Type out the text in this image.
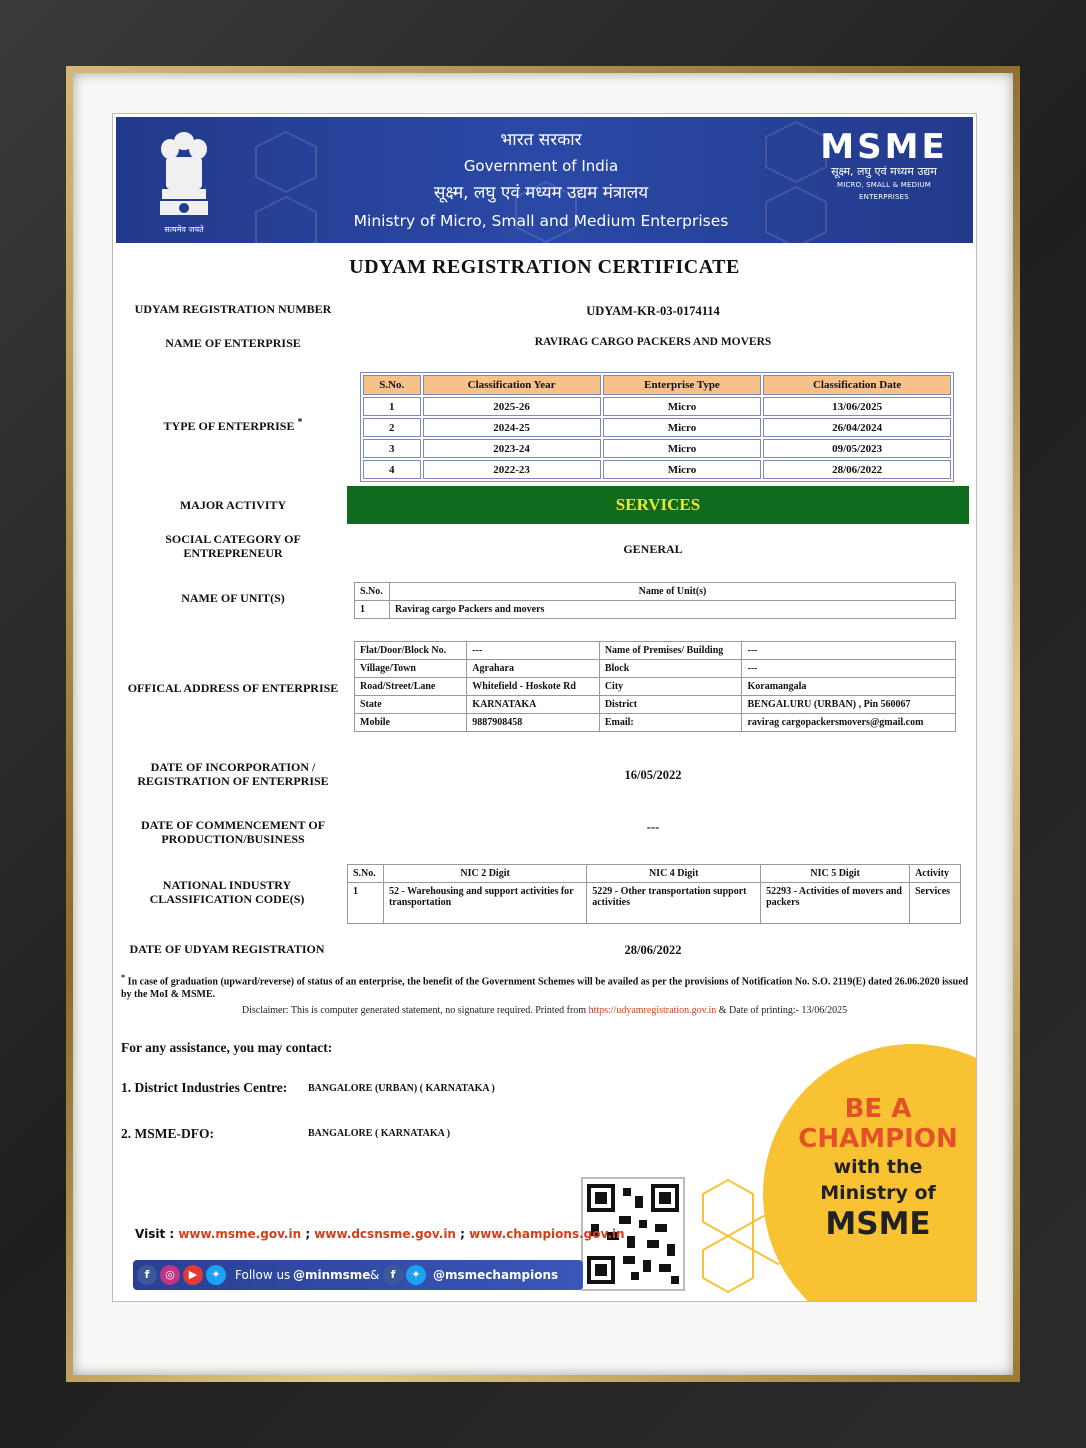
सत्यमेव जयते
भारत सरकार
Government of India
सूक्ष्म, लघु एवं मध्यम उद्यम मंत्रालय
Ministry of Micro, Small and Medium Enterprises
MSME
सूक्ष्म, लघु एवं मध्यम उद्यम
MICRO, SMALL & MEDIUM ENTERPRISES
UDYAM REGISTRATION CERTIFICATE
UDYAM REGISTRATION NUMBER	UDYAM-KR-03-0174114
NAME OF ENTERPRISE	RAVIRAG CARGO PACKERS AND MOVERS
TYPE OF ENTERPRISE *
S.No.	Classification Year	Enterprise Type	Classification Date
1	2025-26	Micro	13/06/2025
2	2024-25	Micro	26/04/2024
3	2023-24	Micro	09/05/2023
4	2022-23	Micro	28/06/2022
MAJOR ACTIVITY	SERVICES
SOCIAL CATEGORY OF
ENTREPRENEUR	GENERAL
NAME OF UNIT(S)	S.No.	Name of Unit(s)
1	Ravirag cargo Packers and movers
OFFICAL ADDRESS OF ENTERPRISE
Flat/Door/Block No.	---	Name of Premises/ Building	---
Village/Town	Agrahara	Block	---
Road/Street/Lane	Whitefield - Hoskote Rd	City	Koramangala
State	KARNATAKA	District	BENGALURU (URBAN) , Pin 560067
Mobile	9887908458	Email:	ravirag cargopackersmovers@gmail.com
DATE OF INCORPORATION /
REGISTRATION OF ENTERPRISE	16/05/2022
DATE OF COMMENCEMENT OF
PRODUCTION/BUSINESS
---
NATIONAL INDUSTRY
CLASSIFICATION CODE(S)
S.No.	NIC 2 Digit	NIC 4 Digit	NIC 5 Digit	Activity
1	52 - Warehousing and support activities for transportation	5229 - Other transportation support activities	52293 - Activities of movers and packers	Services
DATE OF UDYAM REGISTRATION	28/06/2022
* In case of graduation (upward/reverse) of status of an enterprise, the benefit of the Government Schemes will be availed as per the provisions of Notification No. S.O. 2119(E) dated 26.06.2020 issued by the MoI & MSME.
Disclaimer: This is computer generated statement, no signature required. Printed from https://udyamregistration.gov.in & Date of printing:- 13/06/2025
For any assistance, you may contact:
1. District Industries Centre: BANGALORE (URBAN) ( KARNATAKA )
2. MSME-DFO:	BANGALORE ( KARNATAKA )
BE A
CHAMPION
with the
Ministry of
MSME
Visit : www.msme.gov.in ; www.dcsnsme.gov.in ; www.champions.gov.in
f	◎	▶	✦	Follow us @minmsme &	f	✦	@msmechampions
